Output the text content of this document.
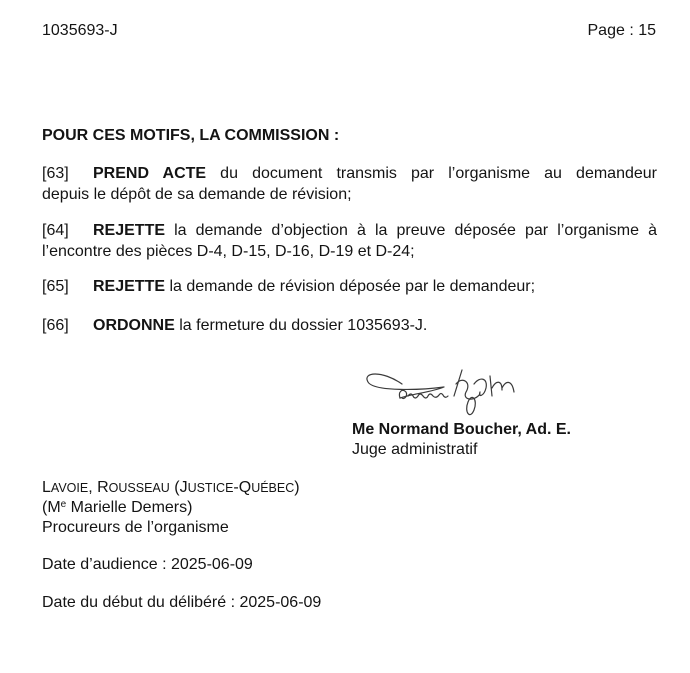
1035693-J	Page : 15
POUR CES MOTIFS, LA COMMISSION :
[63] PREND ACTE du document transmis par l’organisme au demandeur
depuis le dépôt de sa demande de révision;
[64] REJETTE la demande d’objection à la preuve déposée par l’organisme à
l’encontre des pièces D-4, D-15, D-16, D-19 et D-24;
[65] REJETTE la demande de révision déposée par le demandeur;
[66] ORDONNE la fermeture du dossier 1035693-J.
Me Normand Boucher, Ad. E.
Juge administratif
LAVOIE, ROUSSEAU (JUSTICE-QUÉBEC)
(Me Marielle Demers)
Procureurs de l’organisme
Date d’audience : 2025-06-09
Date du début du délibéré : 2025-06-09
